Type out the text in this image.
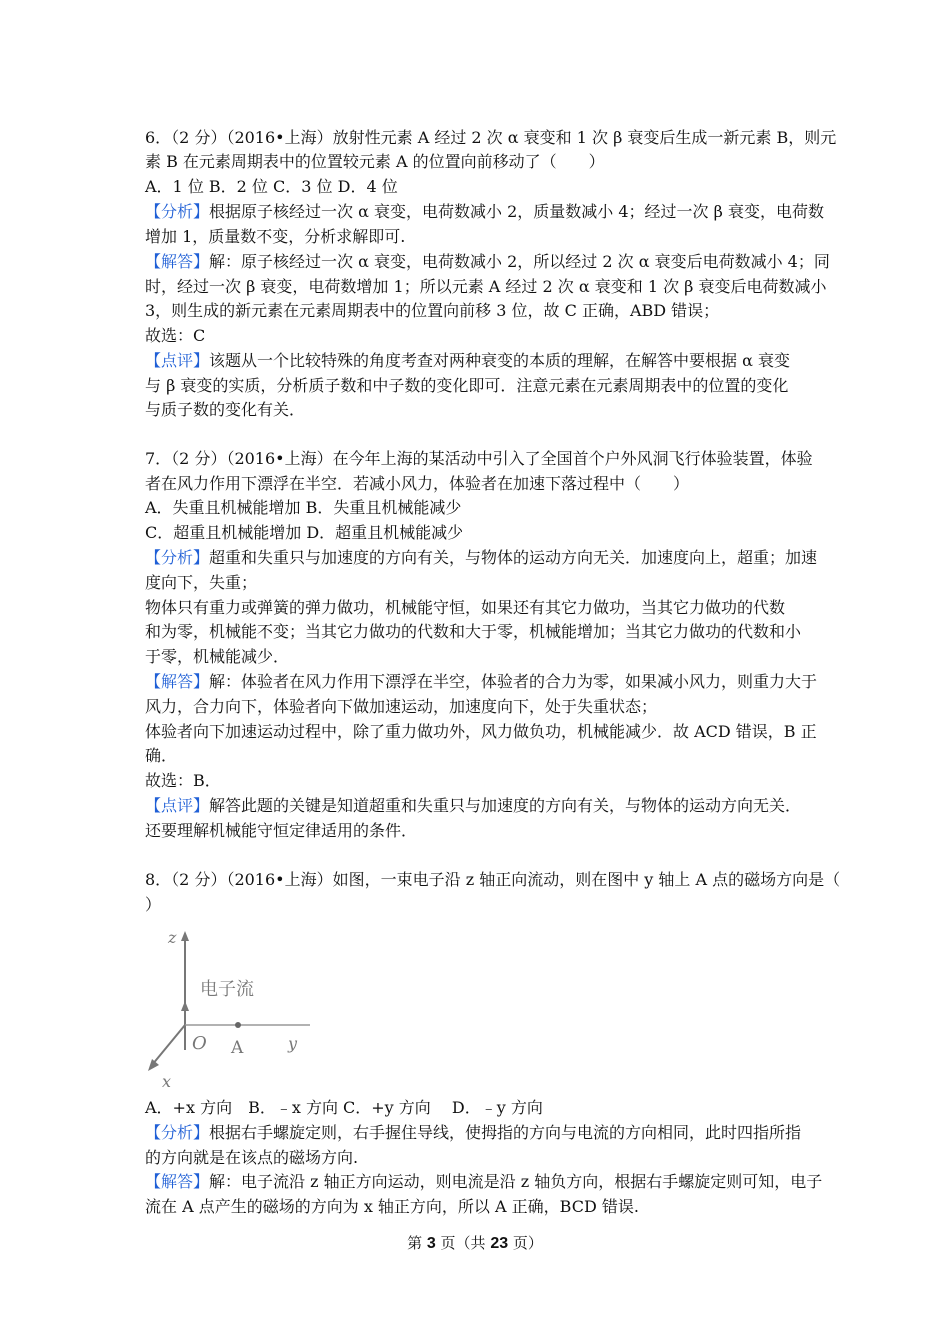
6．（2 分）（2016•上海）放射性元素 A 经过 2 次 α 衰变和 1 次 β 衰变后生成一新元素 B，则元
素 B 在元素周期表中的位置较元素 A 的位置向前移动了（　　）
A．1 位 B．2 位 C．3 位 D．4 位
【分析】根据原子核经过一次 α 衰变，电荷数减小 2，质量数减小 4；经过一次 β 衰变，电荷数
增加 1，质量数不变，分析求解即可.
【解答】解：原子核经过一次 α 衰变，电荷数减小 2，所以经过 2 次 α 衰变后电荷数减小 4；同
时，经过一次 β 衰变，电荷数增加 1；所以元素 A 经过 2 次 α 衰变和 1 次 β 衰变后电荷数减小
3，则生成的新元素在元素周期表中的位置向前移 3 位，故 C 正确，ABD 错误；
故选：C
【点评】该题从一个比较特殊的角度考查对两种衰变的本质的理解，在解答中要根据 α 衰变
与 β 衰变的实质，分析质子数和中子数的变化即可．注意元素在元素周期表中的位置的变化
与质子数的变化有关．
7．（2 分）（2016•上海）在今年上海的某活动中引入了全国首个户外风洞飞行体验装置，体验
者在风力作用下漂浮在半空．若减小风力，体验者在加速下落过程中（　　）
A．失重且机械能增加 B．失重且机械能减少
C．超重且机械能增加 D．超重且机械能减少
【分析】超重和失重只与加速度的方向有关，与物体的运动方向无关．加速度向上，超重；加速
度向下，失重；
物体只有重力或弹簧的弹力做功，机械能守恒，如果还有其它力做功，当其它力做功的代数
和为零，机械能不变；当其它力做功的代数和大于零，机械能增加；当其它力做功的代数和小
于零，机械能减少．
【解答】解：体验者在风力作用下漂浮在半空，体验者的合力为零，如果减小风力，则重力大于
风力，合力向下，体验者向下做加速运动，加速度向下，处于失重状态；
体验者向下加速运动过程中，除了重力做功外，风力做负功，机械能减少．故 ACD 错误，B 正
确．
故选：B．
【点评】解答此题的关键是知道超重和失重只与加速度的方向有关，与物体的运动方向无关．
还要理解机械能守恒定律适用的条件．
8．（2 分）（2016•上海）如图，一束电子沿 z 轴正向流动，则在图中 y 轴上 A 点的磁场方向是（
）
z
电子流
O A	y
x
A．+x 方向　B．﹣x 方向 C．+y 方向　 D．﹣y 方向
【分析】根据右手螺旋定则，右手握住导线，使拇指的方向与电流的方向相同，此时四指所指
的方向就是在该点的磁场方向.
【解答】解：电子流沿 z 轴正方向运动，则电流是沿 z 轴负方向，根据右手螺旋定则可知，电子
流在 A 点产生的磁场的方向为 x 轴正方向，所以 A 正确，BCD 错误.
第 3 页（共 23 页）
